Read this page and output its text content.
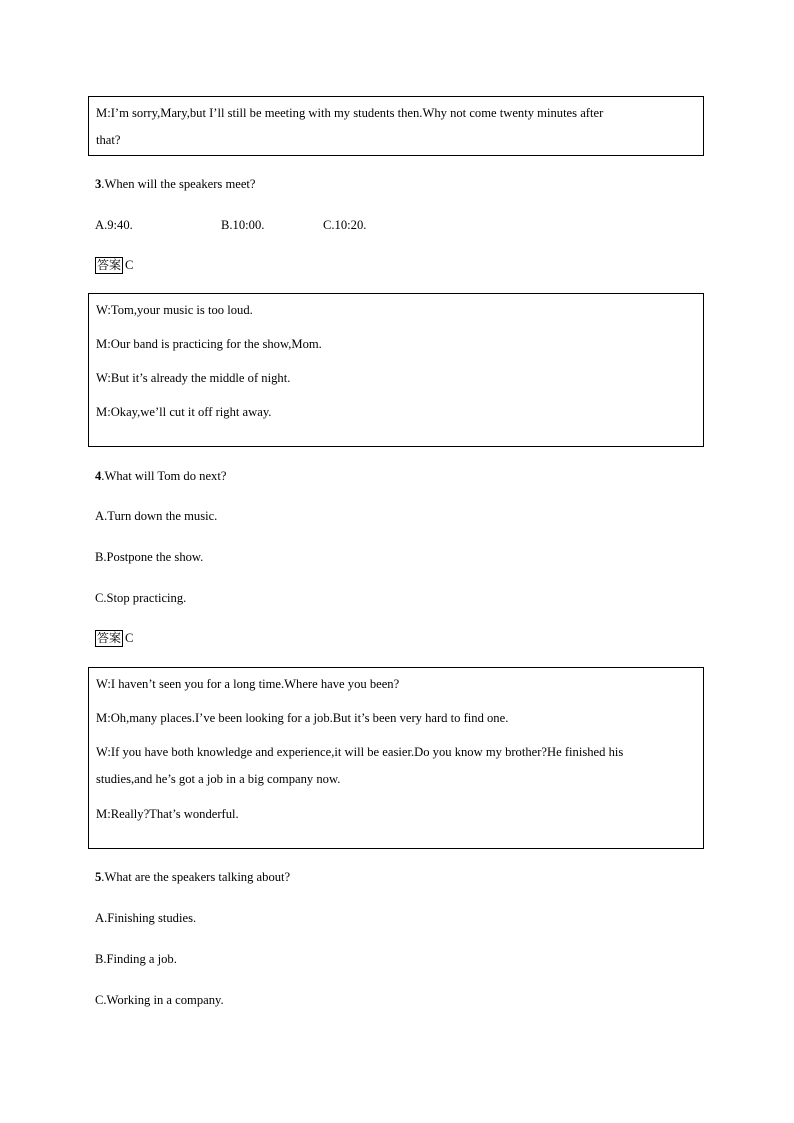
M:I’m sorry,Mary,but I’ll still be meeting with my students then.Why not come twenty minutes after
that?

3.When will the speakers meet?
A.9:40.	B.10:00.	C.10:20.
答案 C

W:Tom,your music is too loud.

M:Our band is practicing for the show,Mom.

W:But it’s already the middle of night.

M:Okay,we’ll cut it off right away.

4.What will Tom do next?
A.Turn down the music.
B.Postpone the show.
C.Stop practicing.
答案 C

W:I haven’t seen you for a long time.Where have you been?

M:Oh,many places.I’ve been looking for a job.But it’s been very hard to find one.

W:If you have both knowledge and experience,it will be easier.Do you know my brother?He finished his
studies,and he’s got a job in a big company now.

M:Really?That’s wonderful.

5.What are the speakers talking about?
A.Finishing studies.
B.Finding a job.
C.Working in a company.
